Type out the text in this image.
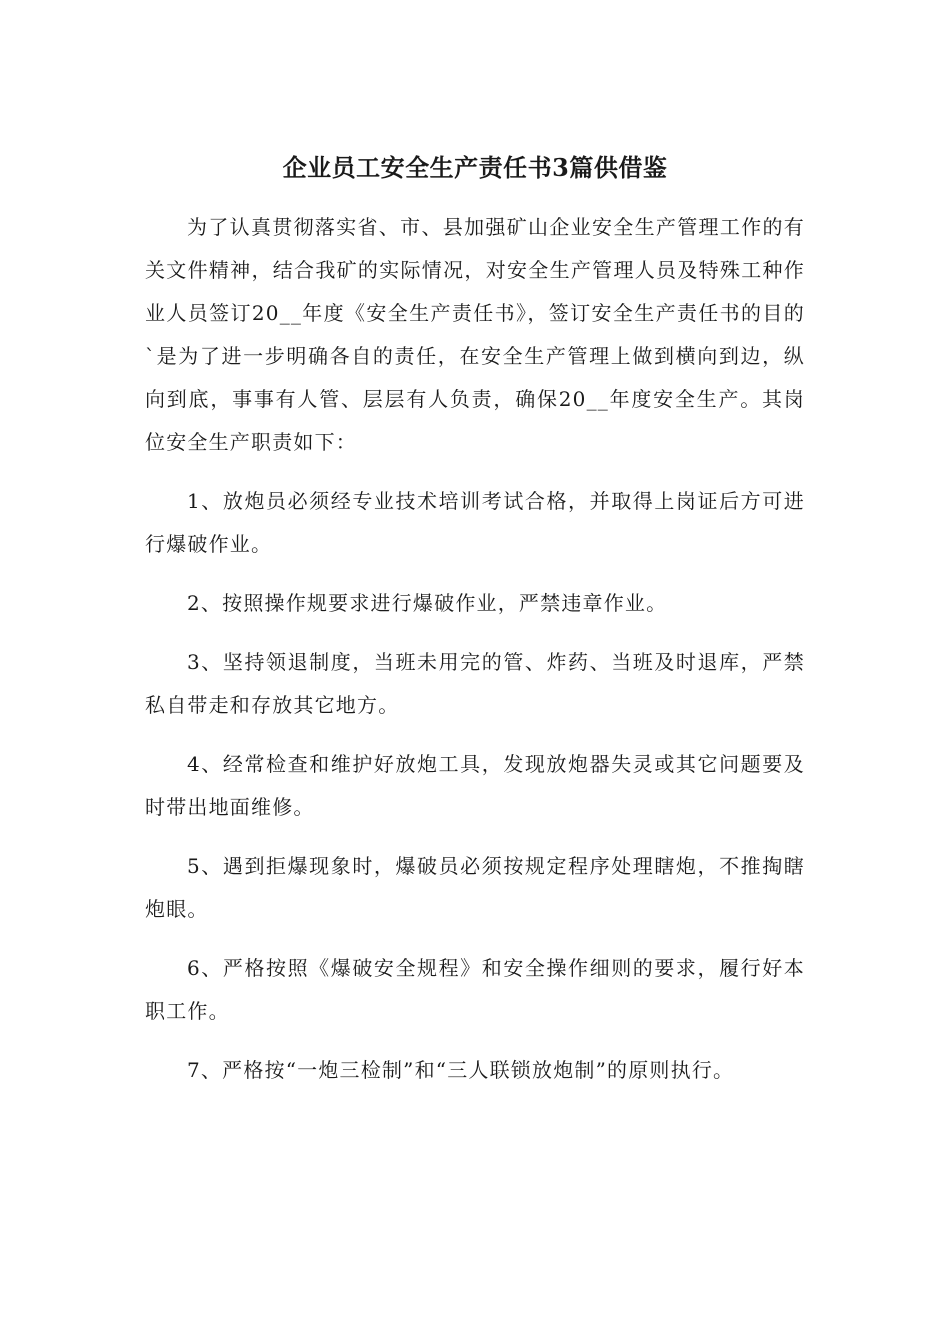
企业员工安全生产责任书3篇供借鉴

为了认真贯彻落实省、市、县加强矿山企业安全生产管理工作的有关文件精神，结合我矿的实际情况，对安全生产管理人员及特殊工种作业人员签订20__年度《安全生产责任书》，签订安全生产责任书的目的`是为了进一步明确各自的责任，在安全生产管理上做到横向到边，纵向到底，事事有人管、层层有人负责，确保20__年度安全生产。其岗位安全生产职责如下：

1、放炮员必须经专业技术培训考试合格，并取得上岗证后方可进行爆破作业。

2、按照操作规要求进行爆破作业，严禁违章作业。

3、坚持领退制度，当班未用完的管、炸药、当班及时退库，严禁私自带走和存放其它地方。

4、经常检查和维护好放炮工具，发现放炮器失灵或其它问题要及时带出地面维修。

5、遇到拒爆现象时，爆破员必须按规定程序处理瞎炮，不推掏瞎炮眼。

6、严格按照《爆破安全规程》和安全操作细则的要求，履行好本职工作。

7、严格按“一炮三检制”和“三人联锁放炮制”的原则执行。
